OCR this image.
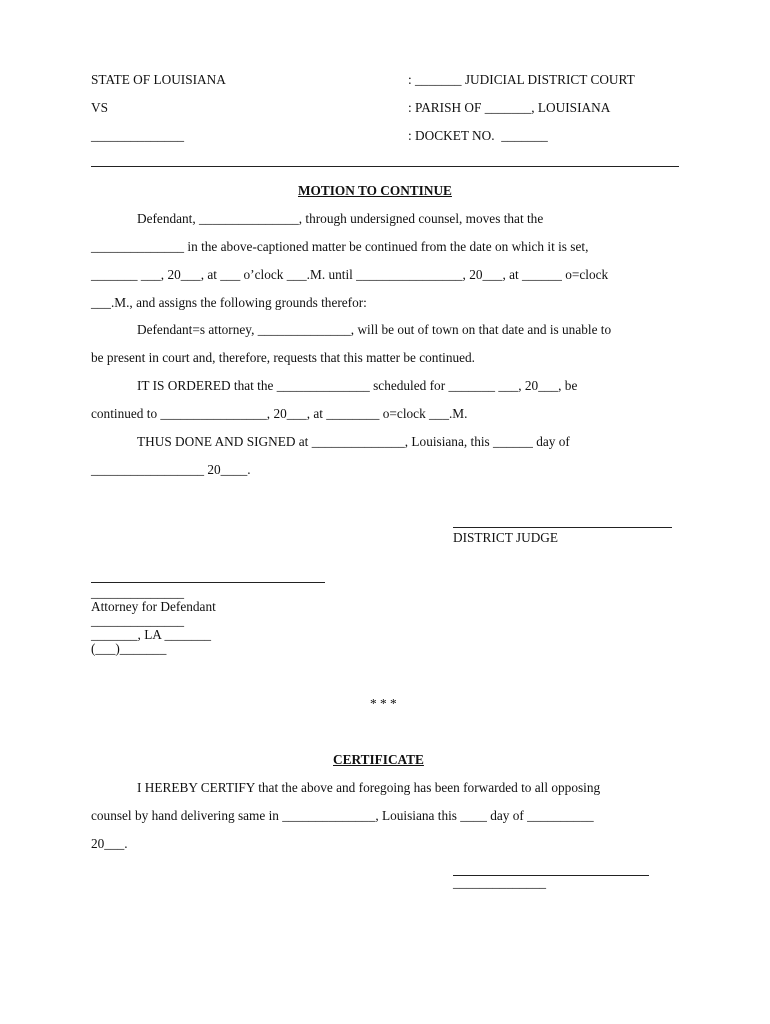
STATE OF LOUISIANA
VS
______________
: _______ JUDICIAL DISTRICT COURT
: PARISH OF _______, LOUISIANA
: DOCKET NO.  _______
MOTION TO CONTINUE
Defendant, _______________, through undersigned counsel, moves that the
______________ in the above-captioned matter be continued from the date on which it is set,
_______ ___, 20___, at ___ o’clock ___.M. until ________________, 20___, at ______ o=clock
___.M., and assigns the following grounds therefor:
Defendant=s attorney, ______________, will be out of town on that date and is unable to
be present in court and, therefore, requests that this matter be continued.
IT IS ORDERED that the ______________ scheduled for _______ ___, 20___, be
continued to ________________, 20___, at ________ o=clock ___.M.
THUS DONE AND SIGNED at ______________, Louisiana, this ______ day of
_________________ 20____.
DISTRICT JUDGE
______________
Attorney for Defendant
______________
_______, LA _______
(___)_______
* * *
CERTIFICATE
I HEREBY CERTIFY that the above and foregoing has been forwarded to all opposing
counsel by hand delivering same in ______________, Louisiana this ____ day of __________
20___.
______________
